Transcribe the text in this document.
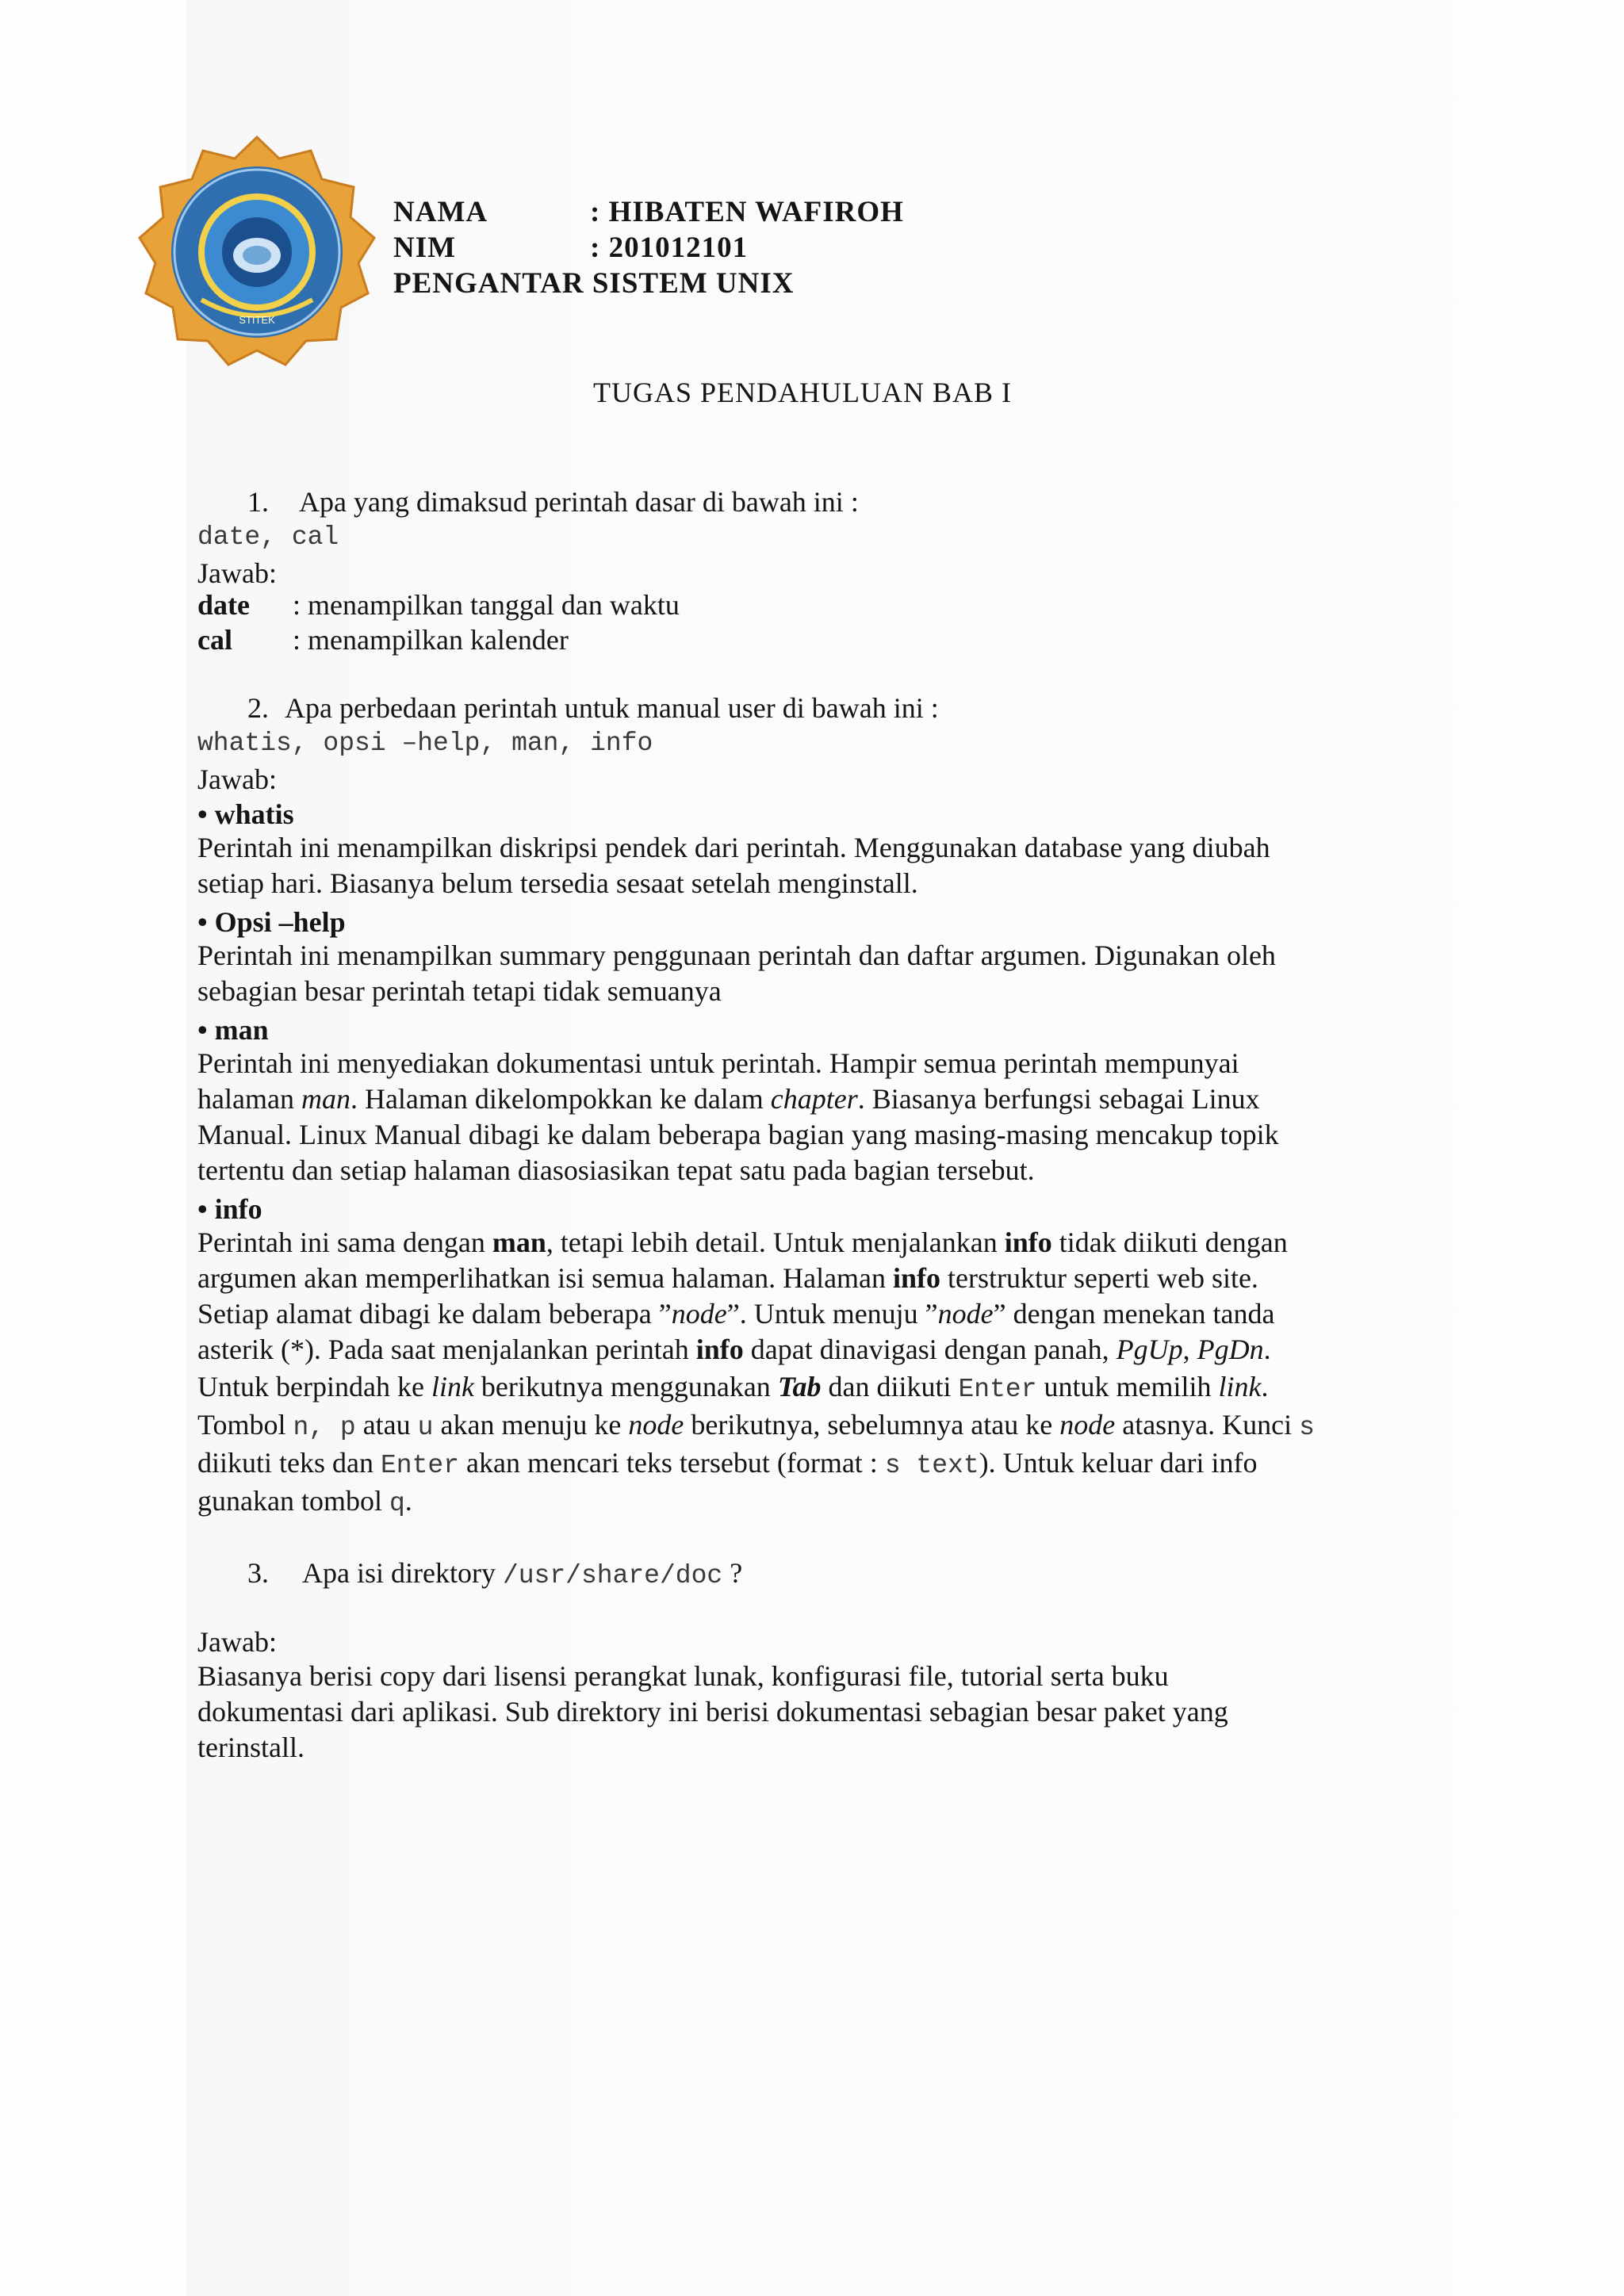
STITEK
NAMA	: HIBATEN WAFIROH
NIM	: 201012101
PENGANTAR SISTEM UNIX
TUGAS PENDAHULUAN BAB I
1. Apa yang dimaksud perintah dasar di bawah ini :
date, cal
Jawab:
date : menampilkan tanggal dan waktu
cal : menampilkan kalender
2. Apa perbedaan perintah untuk manual user di bawah ini :
whatis, opsi –help, man, info
Jawab:
• whatis
Perintah ini menampilkan diskripsi pendek dari perintah. Menggunakan database yang diubah
setiap hari. Biasanya belum tersedia sesaat setelah menginstall.
• Opsi –help
Perintah ini menampilkan summary penggunaan perintah dan daftar argumen. Digunakan oleh
sebagian besar perintah tetapi tidak semuanya
• man
Perintah ini menyediakan dokumentasi untuk perintah. Hampir semua perintah mempunyai
halaman man. Halaman dikelompokkan ke dalam chapter. Biasanya berfungsi sebagai Linux
Manual. Linux Manual dibagi ke dalam beberapa bagian yang masing-masing mencakup topik
tertentu dan setiap halaman diasosiasikan tepat satu pada bagian tersebut.
• info
Perintah ini sama dengan man, tetapi lebih detail. Untuk menjalankan info tidak diikuti dengan
argumen akan memperlihatkan isi semua halaman. Halaman info terstruktur seperti web site.
Setiap alamat dibagi ke dalam beberapa ”node”. Untuk menuju ”node” dengan menekan tanda
asterik (*). Pada saat menjalankan perintah info dapat dinavigasi dengan panah, PgUp, PgDn.
Untuk berpindah ke link berikutnya menggunakan Tab dan diikuti Enter untuk memilih link.
Tombol n, p atau u akan menuju ke node berikutnya, sebelumnya atau ke node atasnya. Kunci s
diikuti teks dan Enter akan mencari teks tersebut (format : s text). Untuk keluar dari info
gunakan tombol q.
3. Apa isi direktory /usr/share/doc ?
Jawab:
Biasanya berisi copy dari lisensi perangkat lunak, konfigurasi file, tutorial serta buku
dokumentasi dari aplikasi. Sub direktory ini berisi dokumentasi sebagian besar paket yang
terinstall.
